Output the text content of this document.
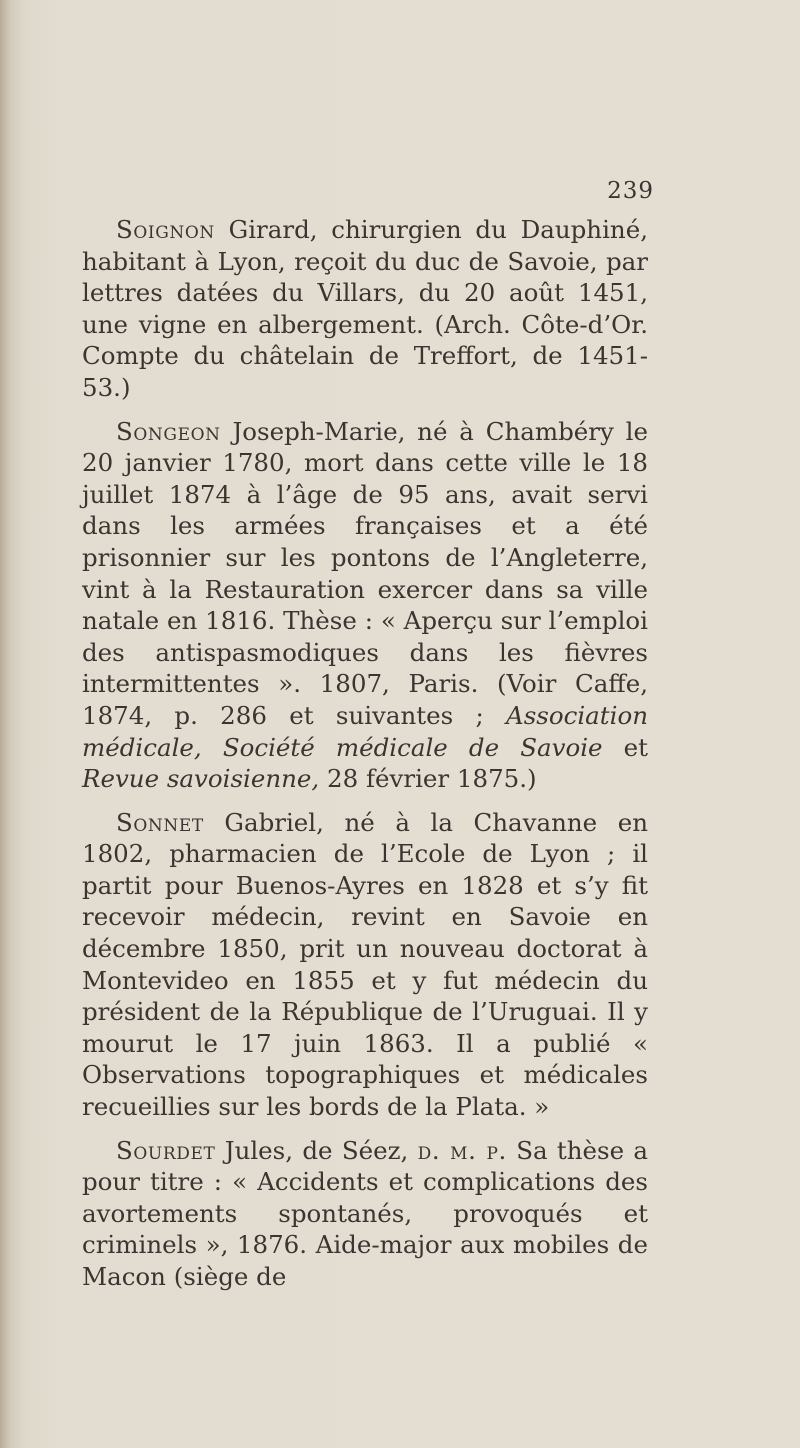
239

Soignon Girard, chirurgien du Dauphiné, habitant à Lyon, reçoit du duc de Savoie, par lettres datées du Villars, du 20 août 1451, une vigne en albergement. (Arch. Côte-d’Or. Compte du châtelain de Treffort, de 1451-53.)

Songeon Joseph-Marie, né à Chambéry le 20 janvier 1780, mort dans cette ville le 18 juillet 1874 à l’âge de 95 ans, avait servi dans les armées françaises et a été prisonnier sur les pontons de l’Angleterre, vint à la Restauration exercer dans sa ville natale en 1816. Thèse : « Aperçu sur l’emploi des antispasmodiques dans les fièvres intermittentes ». 1807, Paris. (Voir Caffe, 1874, p. 286 et suivantes ; Association médicale, Société médicale de Savoie et Revue savoisienne, 28 février 1875.)

Sonnet Gabriel, né à la Chavanne en 1802, pharmacien de l’Ecole de Lyon ; il partit pour Buenos-Ayres en 1828 et s’y fit recevoir médecin, revint en Savoie en décembre 1850, prit un nouveau doctorat à Montevideo en 1855 et y fut médecin du président de la République de l’Uruguai. Il y mourut le 17 juin 1863. Il a publié « Observations topographiques et médicales recueillies sur les bords de la Plata. »

Sourdet Jules, de Séez, d. m. p. Sa thèse a pour titre : « Accidents et complications des avortements spontanés, provoqués et criminels », 1876. Aide-major aux mobiles de Macon (siège de
